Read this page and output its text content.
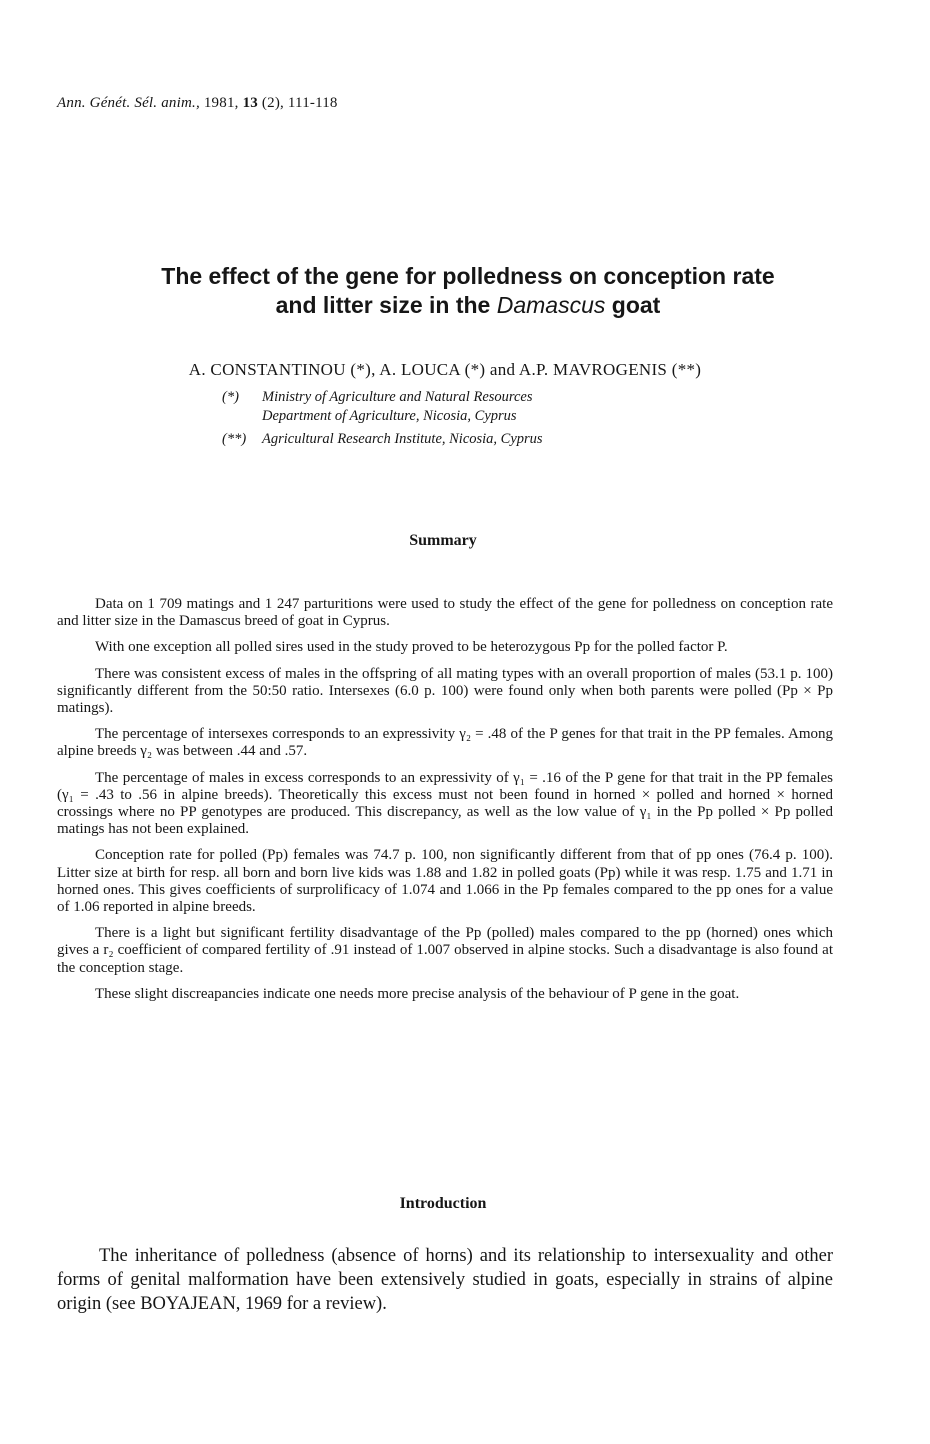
Ann. Génét. Sél. anim., 1981, 13 (2), 111-118
The effect of the gene for polledness on conception rate
and litter size in the Damascus goat
A. CONSTANTINOU (*), A. LOUCA (*) and A.P. MAVROGENIS (**)
(*) Ministry of Agriculture and Natural Resources
Department of Agriculture, Nicosia, Cyprus
(**) Agricultural Research Institute, Nicosia, Cyprus
Summary

Data on 1 709 matings and 1 247 parturitions were used to study the effect of the gene for polledness on conception rate and litter size in the Damascus breed of goat in Cyprus.

With one exception all polled sires used in the study proved to be heterozygous Pp for the polled factor P.

There was consistent excess of males in the offspring of all mating types with an overall proportion of males (53.1 p. 100) significantly different from the 50:50 ratio. Intersexes (6.0 p. 100) were found only when both parents were polled (Pp × Pp matings).

The percentage of intersexes corresponds to an expressivity γ₂ = .48 of the P genes for that trait in the PP females. Among alpine breeds γ₂ was between .44 and .57.

The percentage of males in excess corresponds to an expressivity of γ₁ = .16 of the P gene for that trait in the PP females (γ₁ = .43 to .56 in alpine breeds). Theoretically this excess must not been found in horned × polled and horned × horned crossings where no PP genotypes are produced. This discrepancy, as well as the low value of γ₁ in the Pp polled × Pp polled matings has not been explained.

Conception rate for polled (Pp) females was 74.7 p. 100, non significantly different from that of pp ones (76.4 p. 100). Litter size at birth for resp. all born and born live kids was 1.88 and 1.82 in polled goats (Pp) while it was resp. 1.75 and 1.71 in horned ones. This gives coefficients of surprolificacy of 1.074 and 1.066 in the Pp females compared to the pp ones for a value of 1.06 reported in alpine breeds.

There is a light but significant fertility disadvantage of the Pp (polled) males compared to the pp (horned) ones which gives a r₂ coefficient of compared fertility of .91 instead of 1.007 observed in alpine stocks. Such a disadvantage is also found at the conception stage.

These slight discreapancies indicate one needs more precise analysis of the behaviour of P gene in the goat.

Introduction

The inheritance of polledness (absence of horns) and its relationship to intersexuality and other forms of genital malformation have been extensively studied in goats, especially in strains of alpine origin (see BOYAJEAN, 1969 for a review).
